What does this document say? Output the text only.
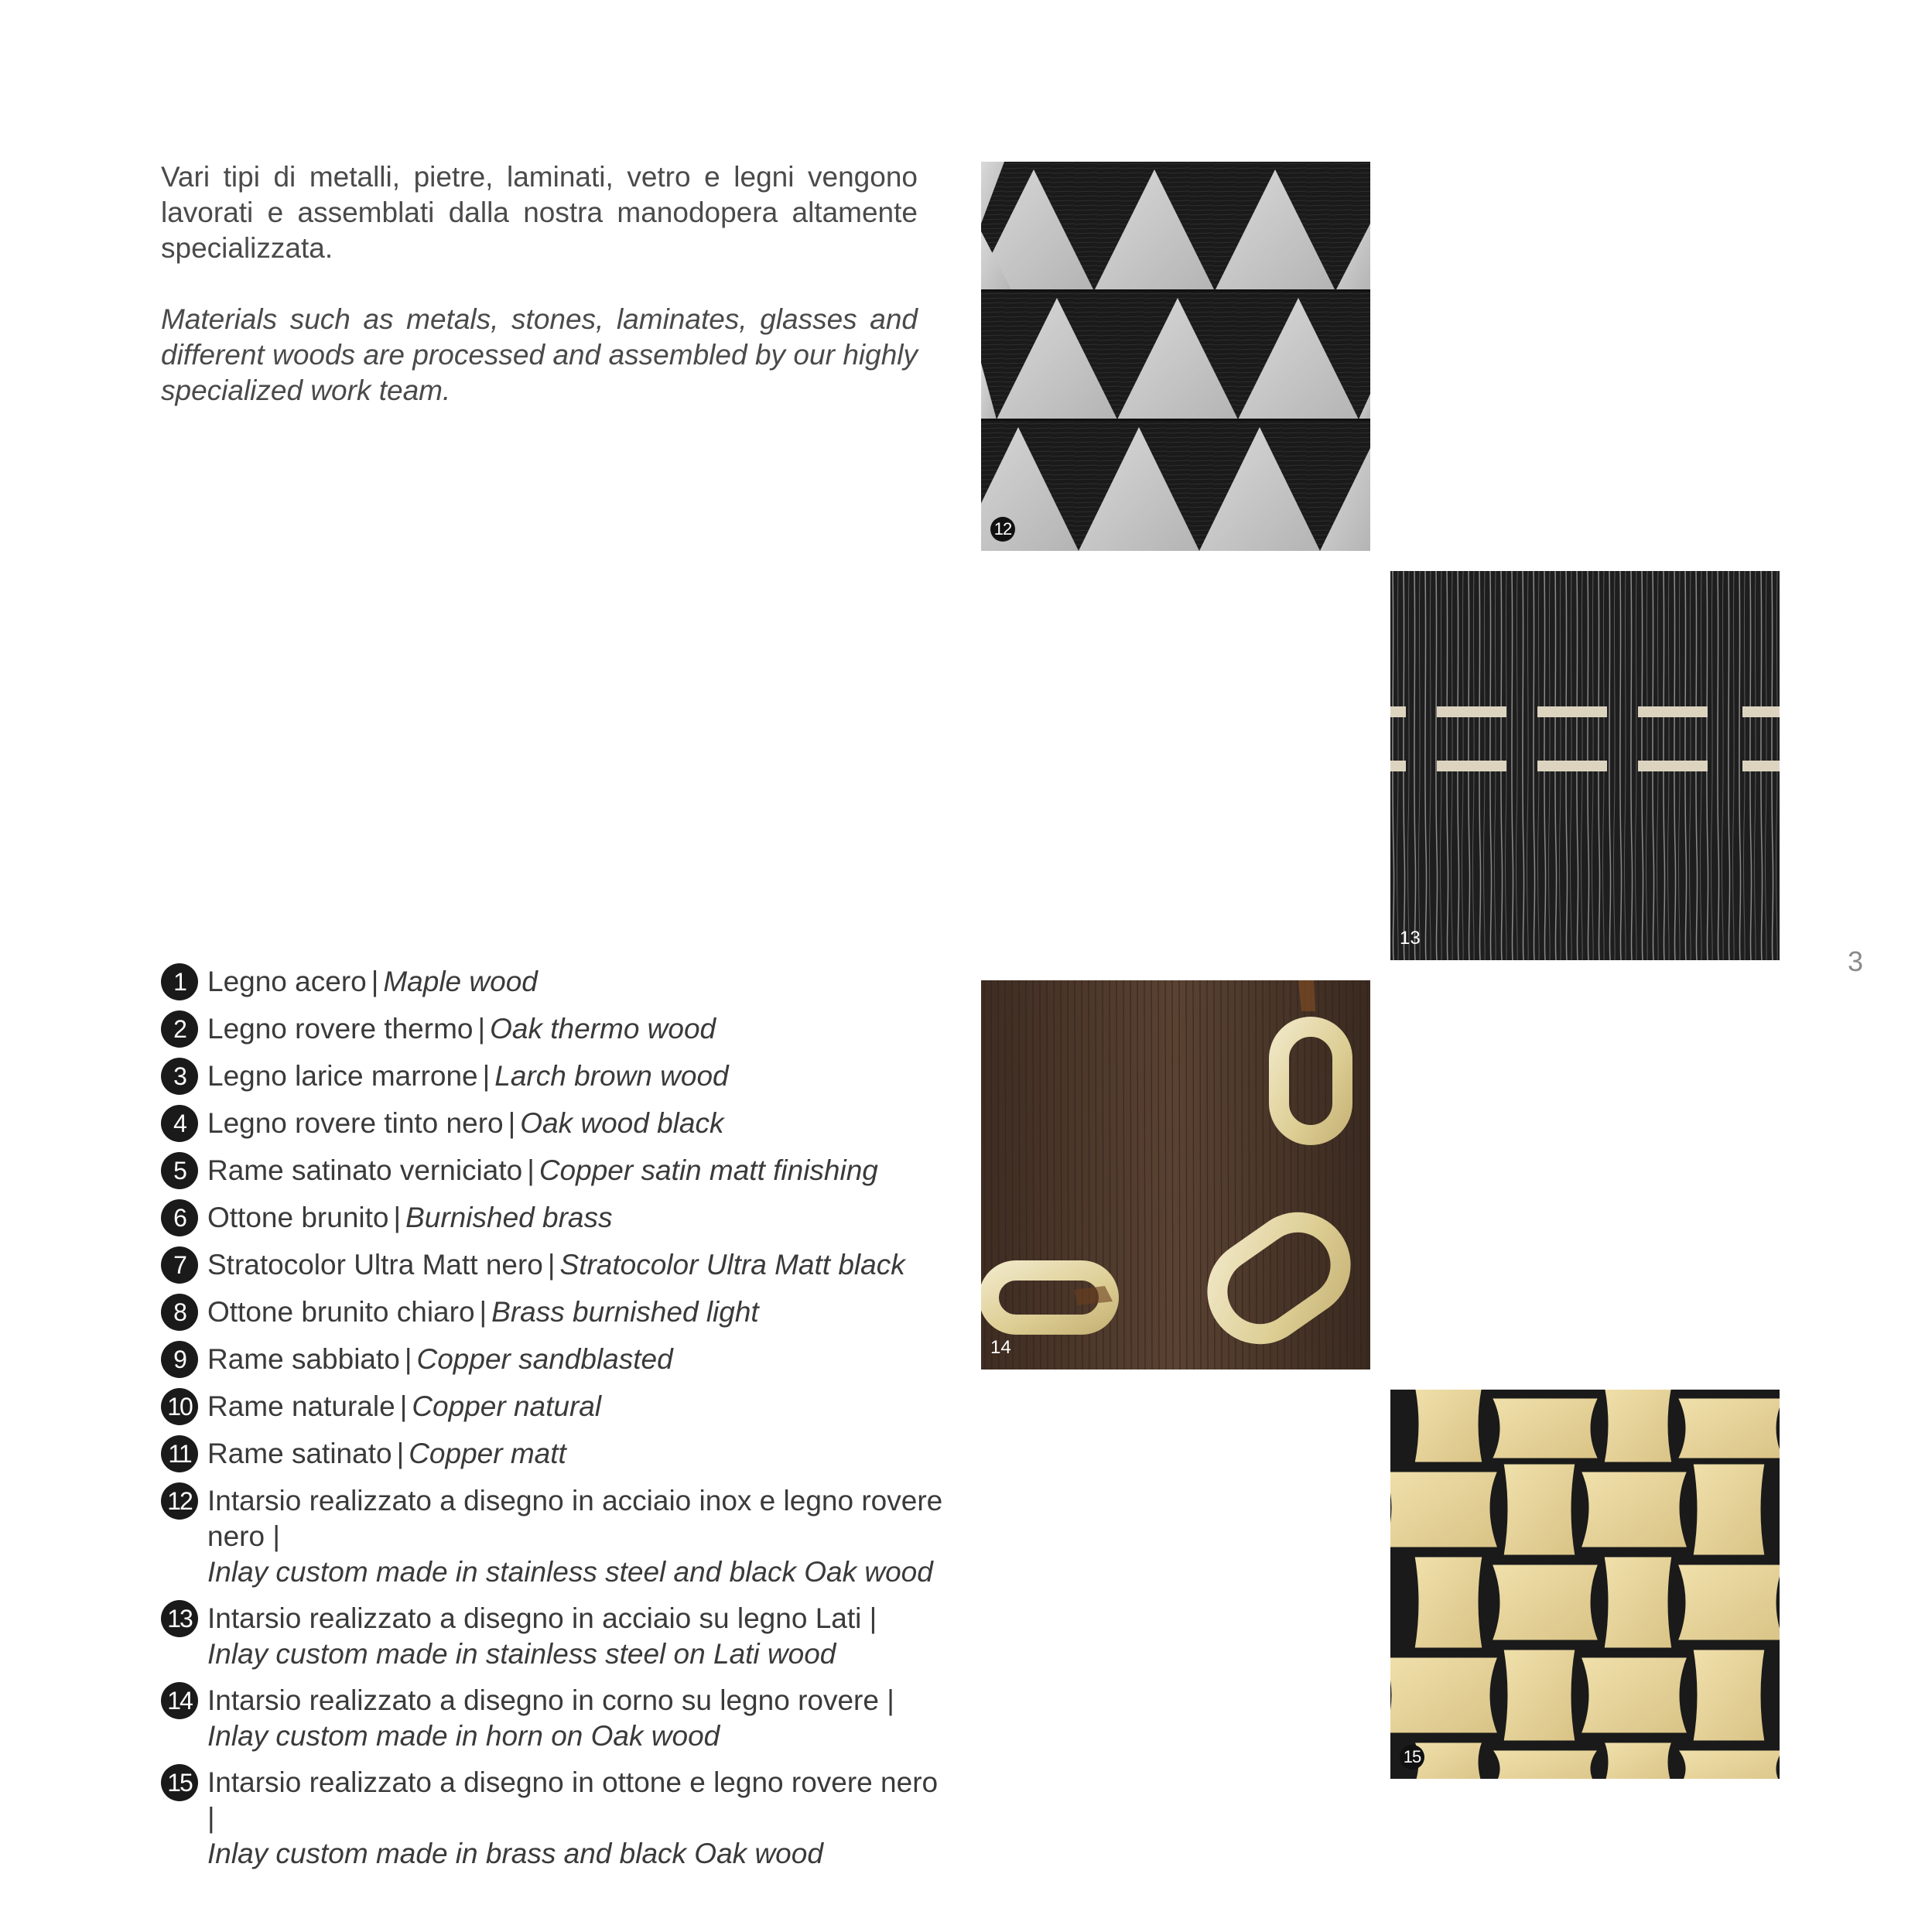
Vari tipi di metalli, pietre, laminati, vetro e legni vengono lavorati e assemblati dalla nostra manodopera altamente specializzata.

Materials such as metals, stones, laminates, glasses and different woods are processed and assembled by our highly specialized work team.

12
13
14
15
3
1 Legno acero | Maple wood
2 Legno rovere thermo | Oak thermo wood
3 Legno larice marrone | Larch brown wood
4 Legno rovere tinto nero | Oak wood black
5 Rame satinato verniciato | Copper satin matt finishing
6 Ottone brunito | Burnished brass
7 Stratocolor Ultra Matt nero | Stratocolor Ultra Matt black
8 Ottone brunito chiaro | Brass burnished light
9 Rame sabbiato | Copper sandblasted
10 Rame naturale | Copper natural
11 Rame satinato | Copper matt
12 Intarsio realizzato a disegno in acciaio inox e legno rovere nero |
Inlay custom made in stainless steel and black Oak wood
13 Intarsio realizzato a disegno in acciaio su legno Lati |
Inlay custom made in stainless steel on Lati wood
14 Intarsio realizzato a disegno in corno su legno rovere |
Inlay custom made in horn on Oak wood
15 Intarsio realizzato a disegno in ottone e legno rovere nero |
Inlay custom made in brass and black Oak wood
